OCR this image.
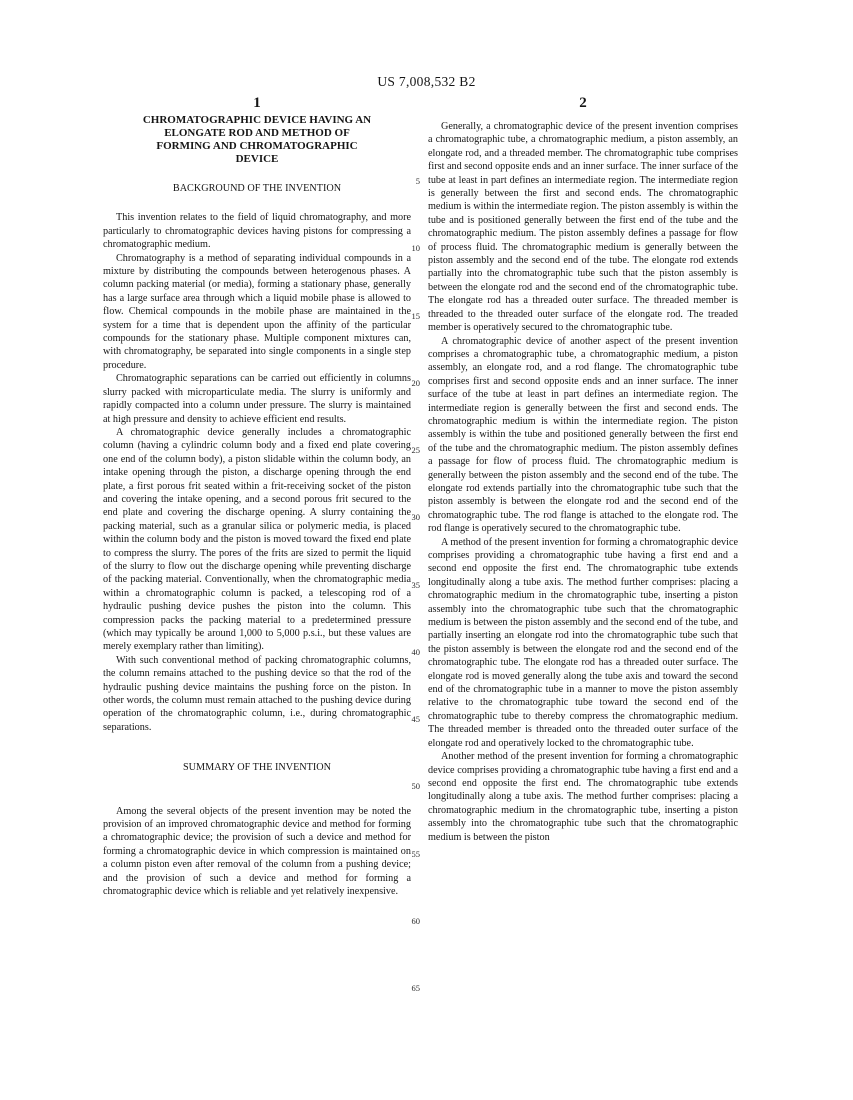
US 7,008,532 B2
1	2
CHROMATOGRAPHIC DEVICE HAVING AN
ELONGATE ROD AND METHOD OF
FORMING AND CHROMATOGRAPHIC
DEVICE
BACKGROUND OF THE INVENTION

This invention relates to the field of liquid chromatography, and more particularly to chromatographic devices having pistons for compressing a chromatographic medium.

Chromatography is a method of separating individual compounds in a mixture by distributing the compounds between heterogenous phases. A column packing material (or media), forming a stationary phase, generally has a large surface area through which a liquid mobile phase is allowed to flow. Chemical compounds in the mobile phase are maintained in the system for a time that is dependent upon the affinity of the particular compounds for the stationary phase. Multiple component mixtures can, with chromatography, be separated into single components in a single step procedure.

Chromatographic separations can be carried out efficiently in columns slurry packed with microparticulate media. The slurry is uniformly and rapidly compacted into a column under pressure. The slurry is maintained at high pressure and density to achieve efficient end results.

A chromatographic device generally includes a chromatographic column (having a cylindric column body and a fixed end plate covering one end of the column body), a piston slidable within the column body, an intake opening through the piston, a discharge opening through the end plate, a first porous frit seated within a frit-receiving socket of the piston and covering the intake opening, and a second porous frit secured to the end plate and covering the discharge opening. A slurry containing the packing material, such as a granular silica or polymeric media, is placed within the column body and the piston is moved toward the fixed end plate to compress the slurry. The pores of the frits are sized to permit the liquid of the slurry to flow out the discharge opening while preventing discharge of the packing material. Conventionally, when the chromatographic media within a chromatographic column is packed, a telescoping rod of a hydraulic pushing device pushes the piston into the column. This compression packs the packing material to a predetermined pressure (which may typically be around 1,000 to 5,000 p.s.i., but these values are merely exemplary rather than limiting).

With such conventional method of packing chromatographic columns, the column remains attached to the pushing device so that the rod of the hydraulic pushing device maintains the pushing force on the piston. In other words, the column must remain attached to the pushing device during operation of the chromatographic column, i.e., during chromatographic separations.

SUMMARY OF THE INVENTION

Among the several objects of the present invention may be noted the provision of an improved chromatographic device and method for forming a chromatographic device; the provision of such a device and method for forming a chromatographic device in which compression is maintained on a column piston even after removal of the column from a pushing device; and the provision of such a device and method for forming a chromatographic device which is reliable and yet relatively inexpensive.

Generally, a chromatographic device of the present invention comprises a chromatographic tube, a chromatographic medium, a piston assembly, an elongate rod, and a threaded member. The chromatographic tube comprises first and second opposite ends and an inner surface. The inner surface of the tube at least in part defines an intermediate region. The intermediate region is generally between the first and second ends. The chromatographic medium is within the intermediate region. The piston assembly is within the tube and is positioned generally between the first end of the tube and the chromatographic medium. The piston assembly defines a passage for flow of process fluid. The chromatographic medium is generally between the piston assembly and the second end of the tube. The elongate rod extends partially into the chromatographic tube such that the piston assembly is between the elongate rod and the second end of the chromatographic tube. The elongate rod has a threaded outer surface. The threaded member is threaded to the threaded outer surface of the elongate rod. The treaded member is operatively secured to the chromatographic tube.

A chromatographic device of another aspect of the present invention comprises a chromatographic tube, a chromatographic medium, a piston assembly, an elongate rod, and a rod flange. The chromatographic tube comprises first and second opposite ends and an inner surface. The inner surface of the tube at least in part defines an intermediate region. The intermediate region is generally between the first and second ends. The chromatographic medium is within the intermediate region. The piston assembly is within the tube and positioned generally between the first end of the tube and the chromatographic medium. The piston assembly defines a passage for flow of process fluid. The chromatographic medium is generally between the piston assembly and the second end of the tube. The elongate rod extends partially into the chromatographic tube such that the piston assembly is between the elongate rod and the second end of the chromatographic tube. The rod flange is attached to the elongate rod. The rod flange is operatively secured to the chromatographic tube.

A method of the present invention for forming a chromatographic device comprises providing a chromatographic tube having a first end and a second end opposite the first end. The chromatographic tube extends longitudinally along a tube axis. The method further comprises: placing a chromatographic medium in the chromatographic tube, inserting a piston assembly into the chromatographic tube such that the chromatographic medium is between the piston assembly and the second end of the tube, and partially inserting an elongate rod into the chromatographic tube such that the piston assembly is between the elongate rod and the second end of the chromatographic tube. The elongate rod has a threaded outer surface. The elongate rod is moved generally along the tube axis and toward the second end of the chromatographic tube in a manner to move the piston assembly relative to the chromatographic tube toward the second end of the chromatographic tube to thereby compress the chromatographic medium. The threaded member is threaded onto the threaded outer surface of the elongate rod and operatively locked to the chromatographic tube.

Another method of the present invention for forming a chromatographic device comprises providing a chromatographic tube having a first end and a second end opposite the first end. The chromatographic tube extends longitudinally along a tube axis. The method further comprises: placing a chromatographic medium in the chromatographic tube, inserting a piston assembly into the chromatographic tube such that the chromatographic medium is between the piston

5
10
15
20
25
30
35
40
45
50
55
60
65
